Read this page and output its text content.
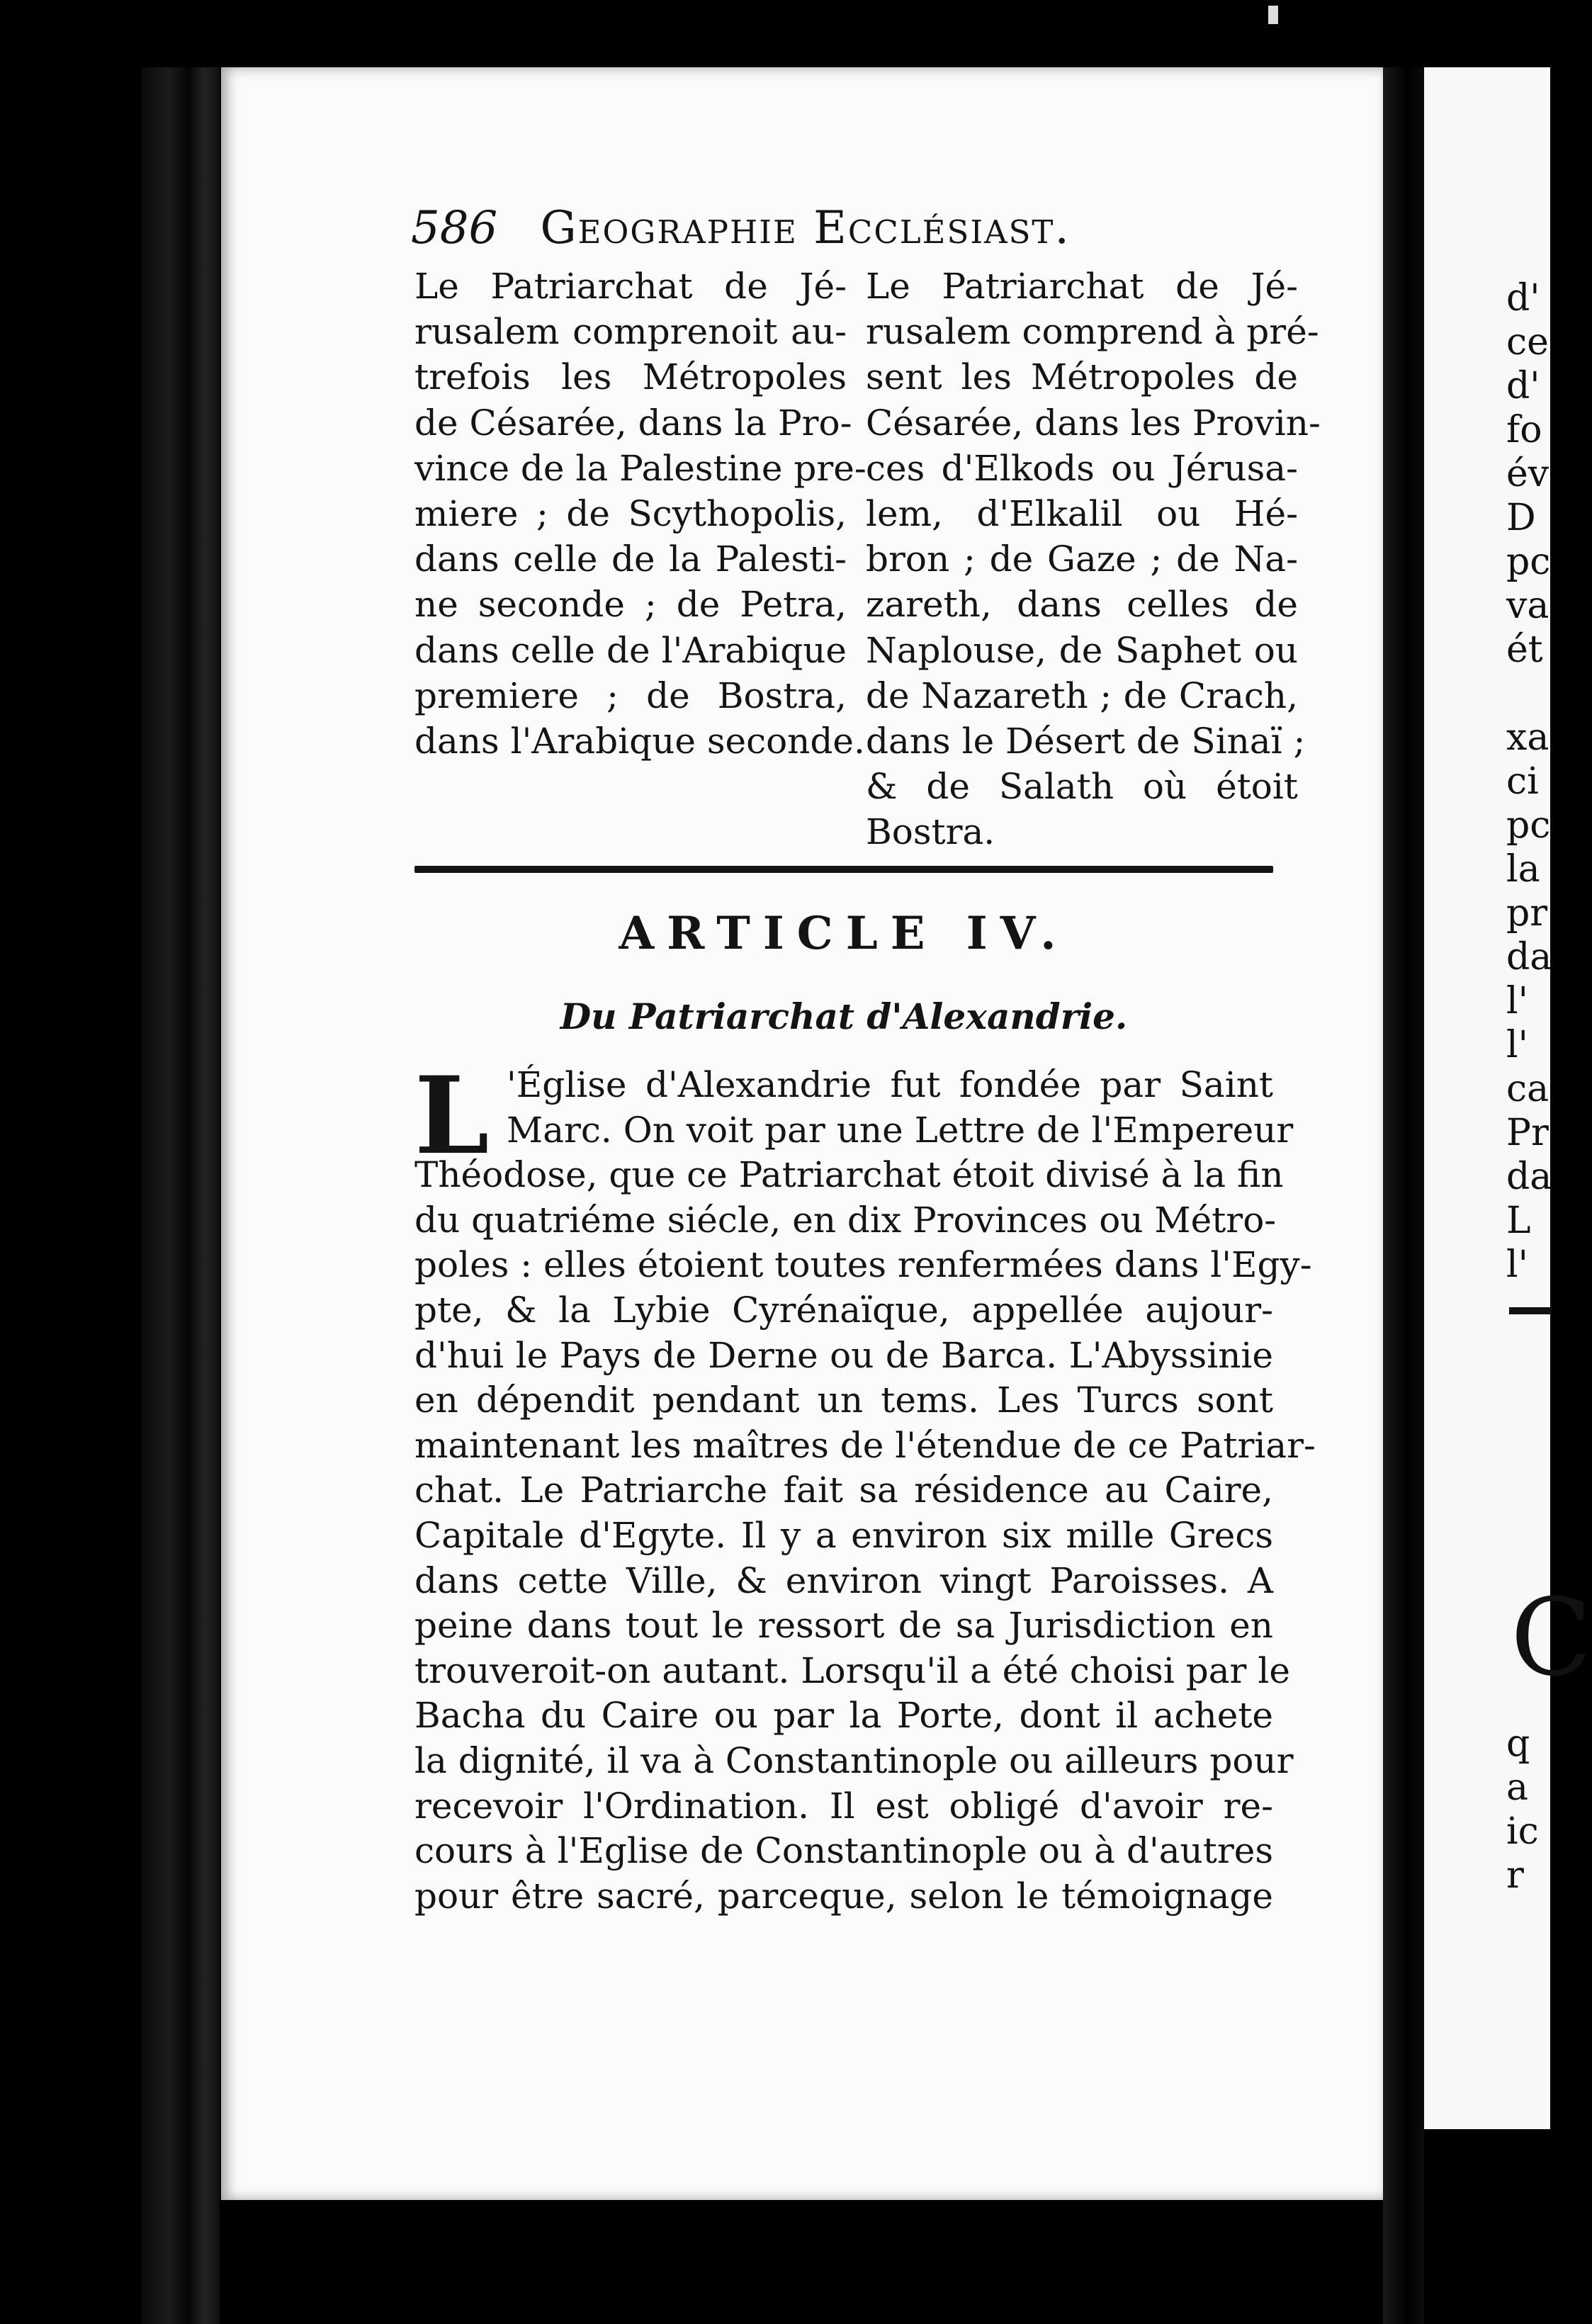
586 Geographie Ecclésiast.
Le Patriarchat de Jé-
rusalem comprenoit au-
trefois les Métropoles
de Césarée, dans la Pro-
vince de la Palestine pre-
miere ; de Scythopolis,
dans celle de la Palesti-
ne seconde ; de Petra,
dans celle de l'Arabique
premiere ; de Bostra,
dans l'Arabique seconde.
Le Patriarchat de Jé-
rusalem comprend à pré-
sent les Métropoles de
Césarée, dans les Provin-
ces d'Elkods ou Jérusa-
lem, d'Elkalil ou Hé-
bron ; de Gaze ; de Na-
zareth, dans celles de
Naplouse, de Saphet ou
de Nazareth ; de Crach,
dans le Désert de Sinaï ;
& de Salath où étoit
Bostra.
ARTICLE IV.
Du Patriarchat d'Alexandrie.
L 'Église d'Alexandrie fut fondée par Saint
Marc. On voit par une Lettre de l'Empereur
Théodose, que ce Patriarchat étoit divisé à la fin
du quatriéme siécle, en dix Provinces ou Métro-
poles : elles étoient toutes renfermées dans l'Egy-
pte, & la Lybie Cyrénaïque, appellée aujour-
d'hui le Pays de Derne ou de Barca. L'Abyssinie
en dépendit pendant un tems. Les Turcs sont
maintenant les maîtres de l'étendue de ce Patriar-
chat. Le Patriarche fait sa résidence au Caire,
Capitale d'Egyte. Il y a environ six mille Grecs
dans cette Ville, & environ vingt Paroisses. A
peine dans tout le ressort de sa Jurisdiction en
trouveroit-on autant. Lorsqu'il a été choisi par le
Bacha du Caire ou par la Porte, dont il achete
la dignité, il va à Constantinople ou ailleurs pour
recevoir l'Ordination. Il est obligé d'avoir re-
cours à l'Eglise de Constantinople ou à d'autres
pour être sacré, parceque, selon le témoignage
d'
ce
d'
fo
év
D
pc
va
ét
xa
ci
pc
la
pr
da
l'
l'
ca
Pr
da
L
l'
C
q
a
ic
r
